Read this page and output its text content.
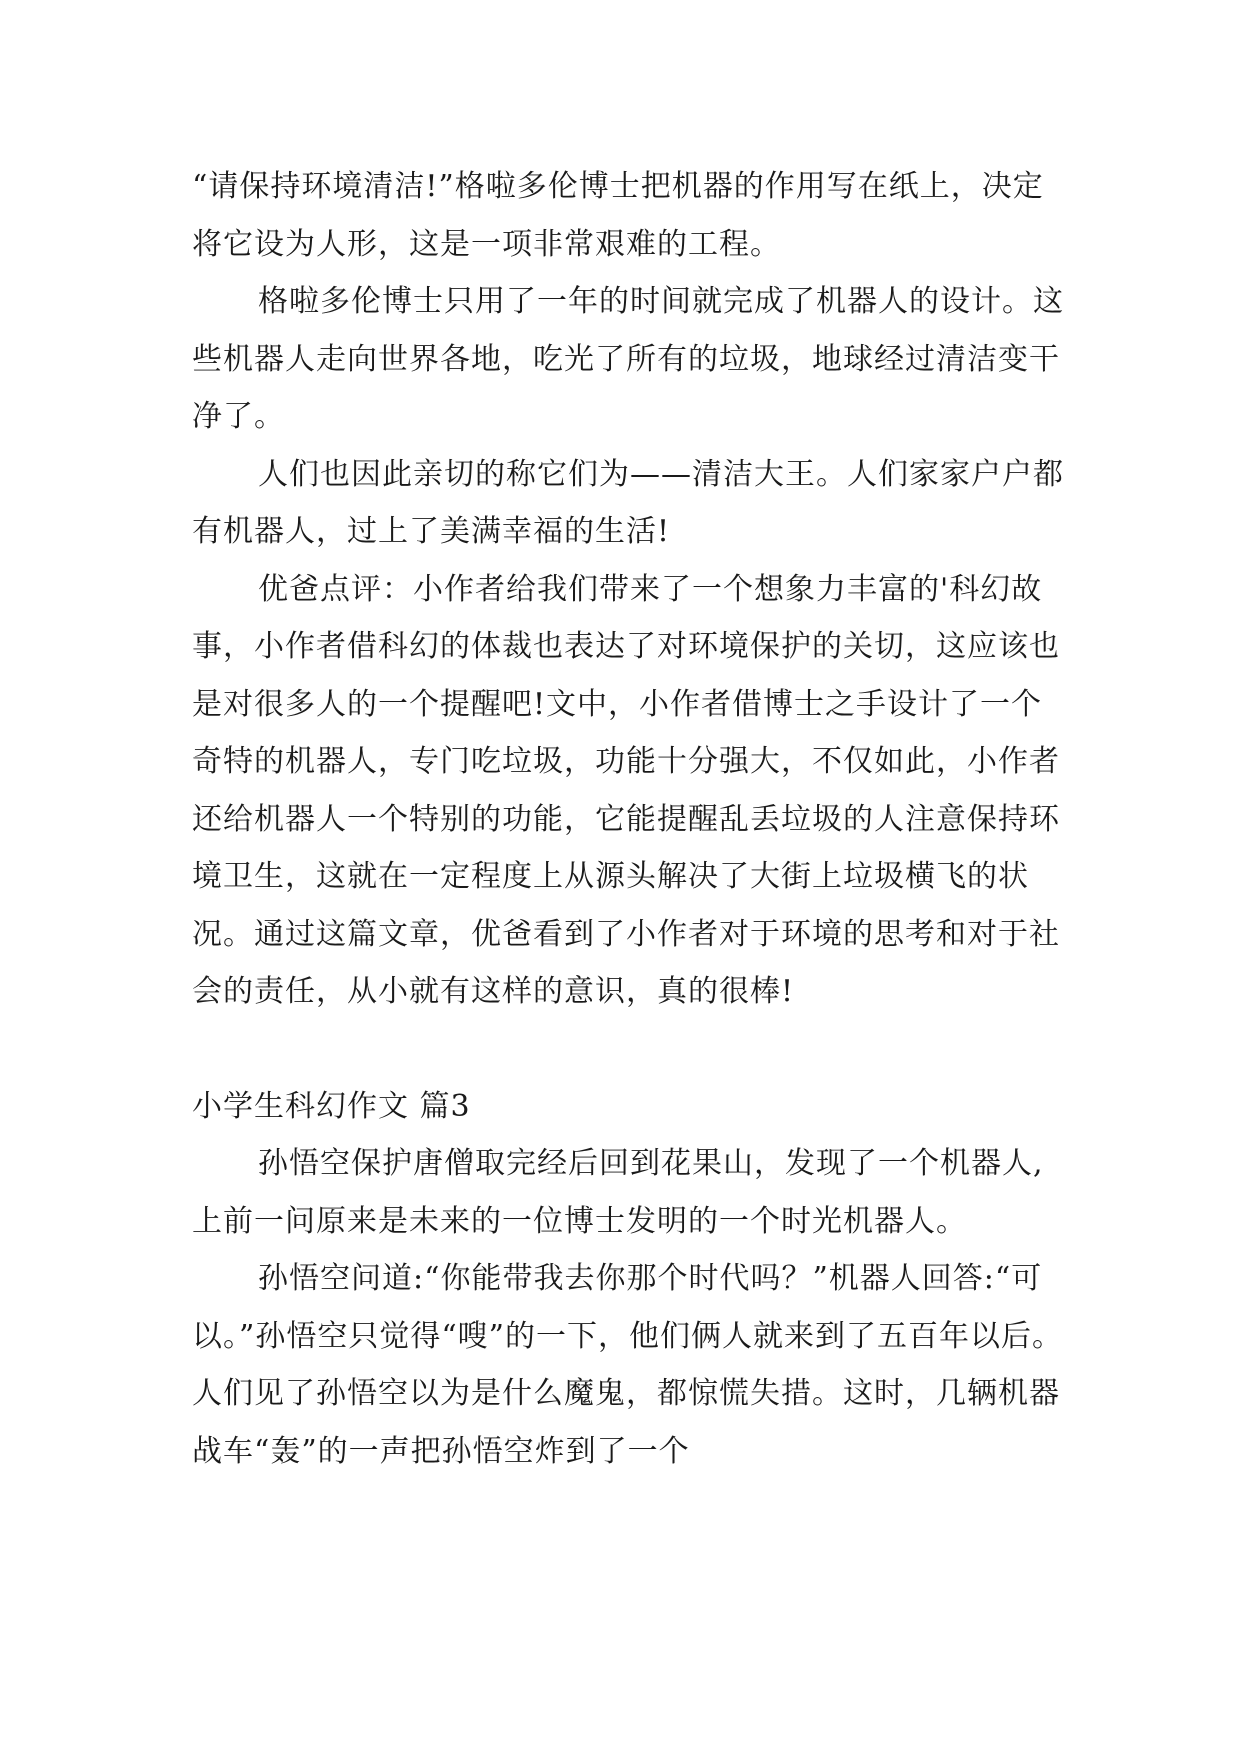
“请保持环境清洁!”格啦多伦博士把机器的作用写在纸上，决定将它设为人形，这是一项非常艰难的工程。

格啦多伦博士只用了一年的时间就完成了机器人的设计。这些机器人走向世界各地，吃光了所有的垃圾，地球经过清洁变干净了。

人们也因此亲切的称它们为——清洁大王。人们家家户户都有机器人，过上了美满幸福的生活!

优爸点评：小作者给我们带来了一个想象力丰富的'科幻故事，小作者借科幻的体裁也表达了对环境保护的关切，这应该也是对很多人的一个提醒吧!文中，小作者借博士之手设计了一个奇特的机器人，专门吃垃圾，功能十分强大，不仅如此，小作者还给机器人一个特别的功能，它能提醒乱丢垃圾的人注意保持环境卫生，这就在一定程度上从源头解决了大街上垃圾横飞的状况。通过这篇文章，优爸看到了小作者对于环境的思考和对于社会的责任，从小就有这样的意识，真的很棒!

小学生科幻作文 篇3

孙悟空保护唐僧取完经后回到花果山，发现了一个机器人,上前一问原来是未来的一位博士发明的一个时光机器人。

孙悟空问道:“你能带我去你那个时代吗？”机器人回答:“可以。”孙悟空只觉得“嗖”的一下，他们俩人就来到了五百年以后。人们见了孙悟空以为是什么魔鬼，都惊慌失措。这时，几辆机器战车“轰”的一声把孙悟空炸到了一个
